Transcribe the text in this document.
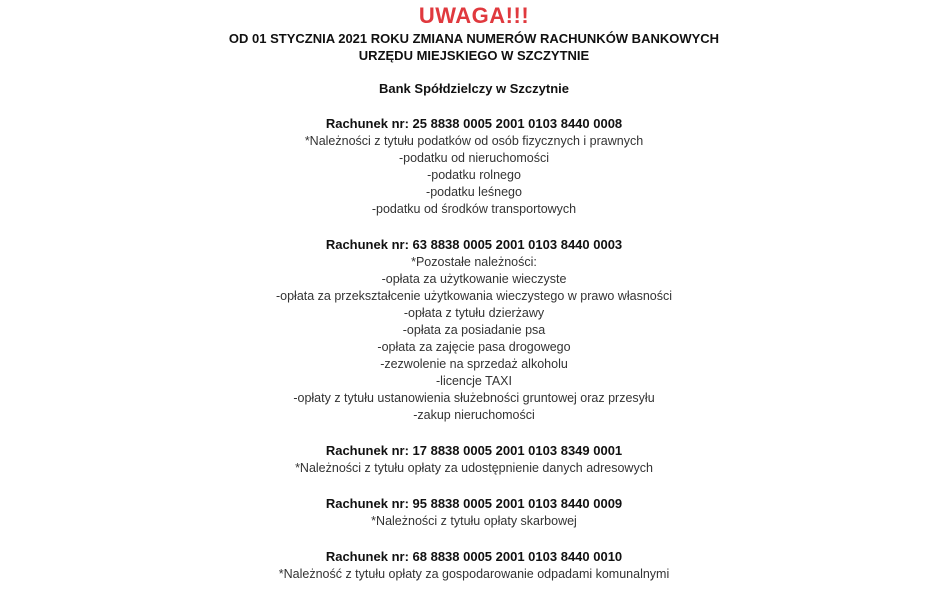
UWAGA!!!
OD 01 STYCZNIA 2021 ROKU ZMIANA NUMERÓW RACHUNKÓW BANKOWYCH
URZĘDU MIEJSKIEGO W SZCZYTNIE
Bank Spółdzielczy w Szczytnie
Rachunek nr: 25 8838 0005 2001 0103 8440 0008
*Należności z tytułu podatków od osób fizycznych i prawnych
-podatku od nieruchomości
-podatku rolnego
-podatku leśnego
-podatku od środków transportowych
Rachunek nr: 63 8838 0005 2001 0103 8440 0003
*Pozostałe należności:
-opłata za użytkowanie wieczyste
-opłata za przekształcenie użytkowania wieczystego w prawo własności
-opłata z tytułu dzierżawy
-opłata za posiadanie psa
-opłata za zajęcie pasa drogowego
-zezwolenie na sprzedaż alkoholu
-licencje TAXI
-opłaty z tytułu ustanowienia służebności gruntowej oraz przesyłu
-zakup nieruchomości
Rachunek nr: 17 8838 0005 2001 0103 8349 0001
*Należności z tytułu opłaty za udostępnienie danych adresowych
Rachunek nr: 95 8838 0005 2001 0103 8440 0009
*Należności z tytułu opłaty skarbowej
Rachunek nr: 68 8838 0005 2001 0103 8440 0010
*Należność z tytułu opłaty za gospodarowanie odpadami komunalnymi
